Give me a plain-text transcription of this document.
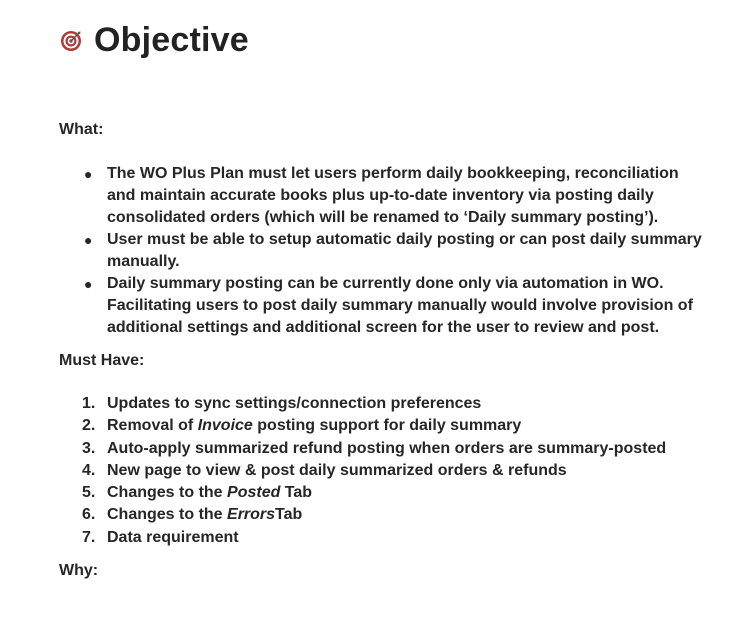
Objective
What:
● The WO Plus Plan must let users perform daily bookkeeping, reconciliation and maintain accurate books plus up-to-date inventory via posting daily consolidated orders (which will be renamed to ‘Daily summary posting’).
● User must be able to setup automatic daily posting or can post daily summary manually.
● Daily summary posting can be currently done only via automation in WO. Facilitating users to post daily summary manually would involve provision of additional settings and additional screen for the user to review and post.
Must Have:
1. Updates to sync settings/connection preferences
2. Removal of Invoice posting support for daily summary
3. Auto-apply summarized refund posting when orders are summary-posted
4. New page to view & post daily summarized orders & refunds
5. Changes to the Posted Tab
6. Changes to the ErrorsTab
7. Data requirement
Why:
